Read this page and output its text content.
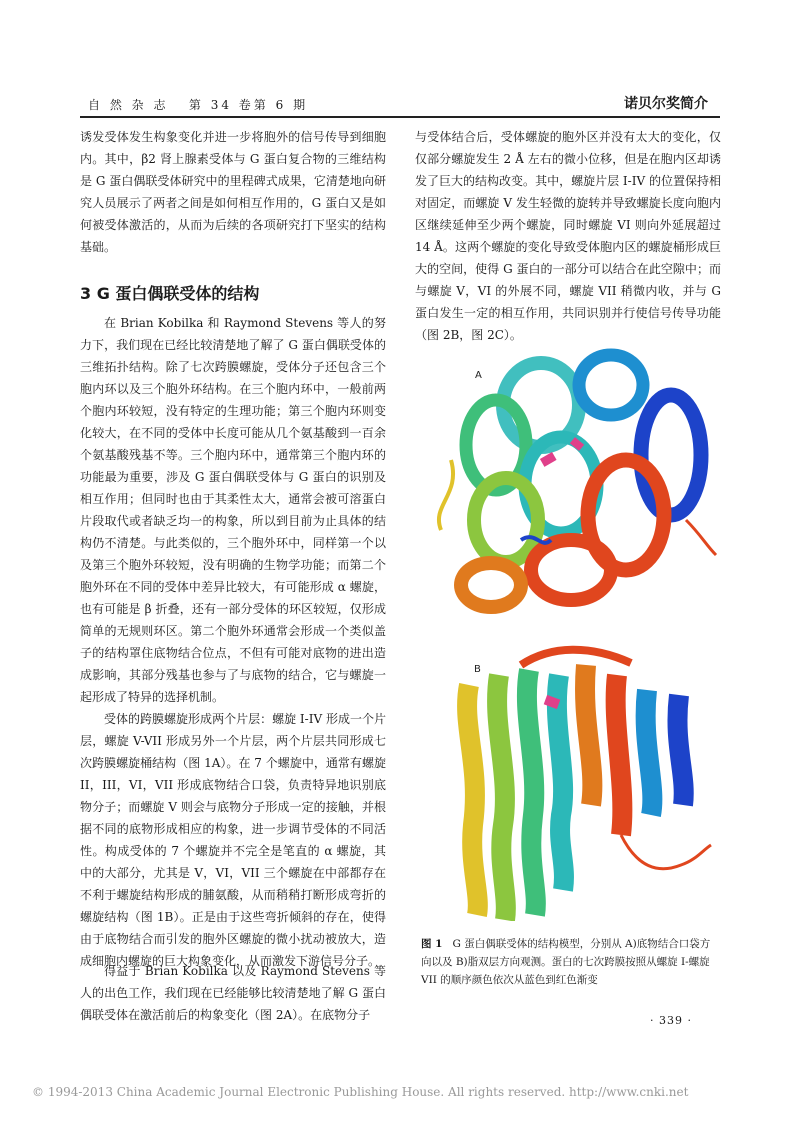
自 然 杂 志 第 34 卷第 6 期	诺贝尔奖简介

诱发受体发生构象变化并进一步将胞外的信号传导到细胞内。其中，β2 肾上腺素受体与 G 蛋白复合物的三维结构是 G 蛋白偶联受体研究中的里程碑式成果，它清楚地向研究人员展示了两者之间是如何相互作用的，G 蛋白又是如何被受体激活的，从而为后续的各项研究打下坚实的结构基础。

3 G 蛋白偶联受体的结构

在 Brian Kobilka 和 Raymond Stevens 等人的努力下，我们现在已经比较清楚地了解了 G 蛋白偶联受体的三维拓扑结构。除了七次跨膜螺旋，受体分子还包含三个胞内环以及三个胞外环结构。在三个胞内环中，一般前两个胞内环较短，没有特定的生理功能；第三个胞内环则变化较大，在不同的受体中长度可能从几个氨基酸到一百余个氨基酸残基不等。三个胞内环中，通常第三个胞内环的功能最为重要，涉及 G 蛋白偶联受体与 G 蛋白的识别及相互作用；但同时也由于其柔性太大，通常会被可溶蛋白片段取代或者缺乏均一的构象，所以到目前为止具体的结构仍不清楚。与此类似的，三个胞外环中，同样第一个以及第三个胞外环较短，没有明确的生物学功能；而第二个胞外环在不同的受体中差异比较大，有可能形成 α 螺旋，也有可能是 β 折叠，还有一部分受体的环区较短，仅形成简单的无规则环区。第二个胞外环通常会形成一个类似盖子的结构罩住底物结合位点，不但有可能对底物的进出造成影响，其部分残基也参与了与底物的结合，它与螺旋一起形成了特异的选择机制。

受体的跨膜螺旋形成两个片层：螺旋 I-IV 形成一个片层，螺旋 V-VII 形成另外一个片层，两个片层共同形成七次跨膜螺旋桶结构（图 1A）。在 7 个螺旋中，通常有螺旋 II，III，VI，VII 形成底物结合口袋，负责特异地识别底物分子；而螺旋 V 则会与底物分子形成一定的接触，并根据不同的底物形成相应的构象，进一步调节受体的不同活性。构成受体的 7 个螺旋并不完全是笔直的 α 螺旋，其中的大部分，尤其是 V，VI，VII 三个螺旋在中部都存在不利于螺旋结构形成的脯氨酸，从而稍稍打断形成弯折的螺旋结构（图 1B）。正是由于这些弯折倾斜的存在，使得由于底物结合而引发的胞外区螺旋的微小扰动被放大，造成细胞内螺旋的巨大构象变化，从而激发下游信号分子。

得益于 Brian Kobilka 以及 Raymond Stevens 等人的出色工作，我们现在已经能够比较清楚地了解 G 蛋白偶联受体在激活前后的构象变化（图 2A）。在底物分子

与受体结合后，受体螺旋的胞外区并没有太大的变化，仅仅部分螺旋发生 2 Å 左右的微小位移，但是在胞内区却诱发了巨大的结构改变。其中，螺旋片层 I-IV 的位置保持相对固定，而螺旋 V 发生轻微的旋转并导致螺旋长度向胞内区继续延伸至少两个螺旋，同时螺旋 VI 则向外延展超过 14 Å。这两个螺旋的变化导致受体胞内区的螺旋桶形成巨大的空间，使得 G 蛋白的一部分可以结合在此空隙中；而与螺旋 V，VI 的外展不同，螺旋 VII 稍微内收，并与 G 蛋白发生一定的相互作用，共同识别并行使信号传导功能（图 2B，图 2C）。

A
B
图 1 G 蛋白偶联受体的结构模型，分别从 A)底物结合口袋方向以及 B)脂双层方向观测。蛋白的七次跨膜按照从螺旋 I-螺旋 VII 的顺序颜色依次从蓝色到红色渐变
· 339 ·
© 1994-2013 China Academic Journal Electronic Publishing House. All rights reserved. http://www.cnki.net
